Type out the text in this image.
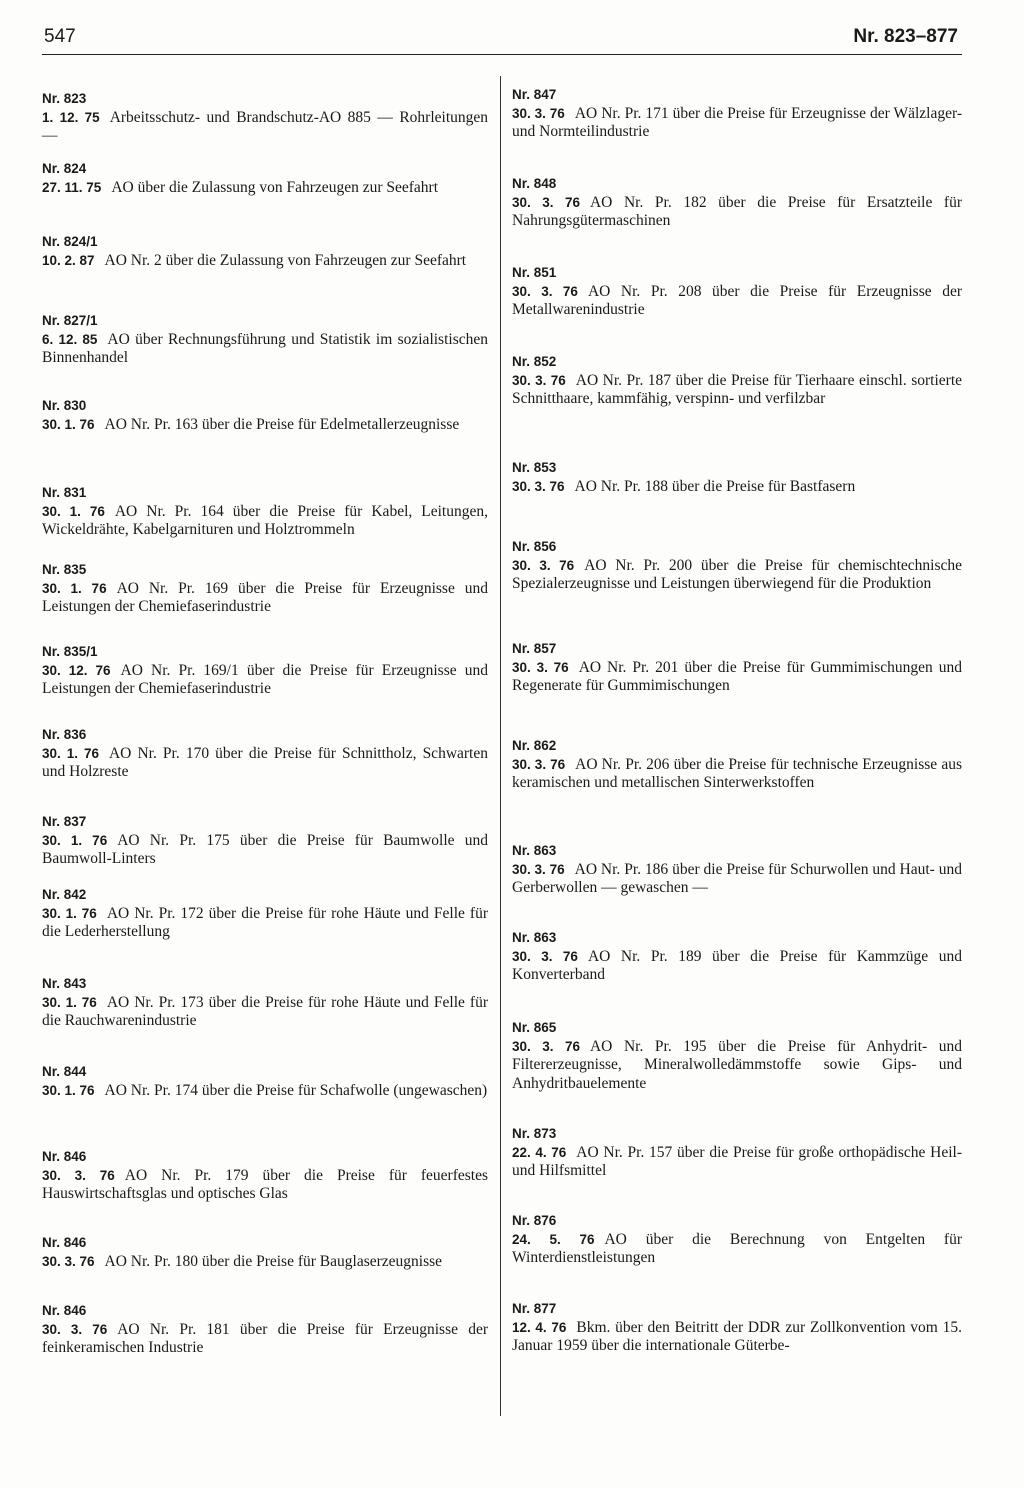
547	Nr. 823–877
Nr. 823
1. 12. 75 Arbeitsschutz- und Brandschutz-AO 885 — Rohrleitungen —
Nr. 824
27. 11. 75 AO über die Zulassung von Fahrzeugen zur Seefahrt
Nr. 824/1
10. 2. 87 AO Nr. 2 über die Zulassung von Fahrzeugen zur Seefahrt
Nr. 827/1
6. 12. 85 AO über Rechnungsführung und Statistik im sozialistischen Binnenhandel
Nr. 830
30. 1. 76 AO Nr. Pr. 163 über die Preise für Edelmetallerzeugnisse
Nr. 831
30. 1. 76 AO Nr. Pr. 164 über die Preise für Kabel, Leitungen, Wickeldrähte, Kabelgarnituren und Holztrommeln
Nr. 835
30. 1. 76 AO Nr. Pr. 169 über die Preise für Erzeugnisse und Leistungen der Chemiefaserindustrie
Nr. 835/1
30. 12. 76 AO Nr. Pr. 169/1 über die Preise für Erzeugnisse und Leistungen der Chemiefaserindustrie
Nr. 836
30. 1. 76 AO Nr. Pr. 170 über die Preise für Schnittholz, Schwarten und Holzreste
Nr. 837
30. 1. 76 AO Nr. Pr. 175 über die Preise für Baumwolle und Baumwoll-Linters
Nr. 842
30. 1. 76 AO Nr. Pr. 172 über die Preise für rohe Häute und Felle für die Lederherstellung
Nr. 843
30. 1. 76 AO Nr. Pr. 173 über die Preise für rohe Häute und Felle für die Rauchwarenindustrie
Nr. 844
30. 1. 76 AO Nr. Pr. 174 über die Preise für Schafwolle (ungewaschen)
Nr. 846
30. 3. 76 AO Nr. Pr. 179 über die Preise für feuerfestes Hauswirtschaftsglas und optisches Glas
Nr. 846
30. 3. 76 AO Nr. Pr. 180 über die Preise für Bauglaserzeugnisse
Nr. 846
30. 3. 76 AO Nr. Pr. 181 über die Preise für Erzeugnisse der feinkeramischen Industrie
Nr. 847
30. 3. 76 AO Nr. Pr. 171 über die Preise für Erzeugnisse der Wälzlager- und Normteilindustrie
Nr. 848
30. 3. 76 AO Nr. Pr. 182 über die Preise für Ersatzteile für Nahrungsgütermaschinen
Nr. 851
30. 3. 76 AO Nr. Pr. 208 über die Preise für Erzeugnisse der Metallwarenindustrie
Nr. 852
30. 3. 76 AO Nr. Pr. 187 über die Preise für Tierhaare einschl. sortierte Schnitthaare, kammfähig, verspinn- und verfilzbar
Nr. 853
30. 3. 76 AO Nr. Pr. 188 über die Preise für Bastfasern
Nr. 856
30. 3. 76 AO Nr. Pr. 200 über die Preise für chemischtechnische Spezialerzeugnisse und Leistungen überwiegend für die Produktion
Nr. 857
30. 3. 76 AO Nr. Pr. 201 über die Preise für Gummimischungen und Regenerate für Gummimischungen
Nr. 862
30. 3. 76 AO Nr. Pr. 206 über die Preise für technische Erzeugnisse aus keramischen und metallischen Sinterwerkstoffen
Nr. 863
30. 3. 76 AO Nr. Pr. 186 über die Preise für Schurwollen und Haut- und Gerberwollen — gewaschen —
Nr. 863
30. 3. 76 AO Nr. Pr. 189 über die Preise für Kammzüge und Konverterband
Nr. 865
30. 3. 76 AO Nr. Pr. 195 über die Preise für Anhydrit- und Filtererzeugnisse, Mineralwolledämmstoffe sowie Gips- und Anhydritbauelemente
Nr. 873
22. 4. 76 AO Nr. Pr. 157 über die Preise für große orthopädische Heil- und Hilfsmittel
Nr. 876
24. 5. 76 AO über die Berechnung von Entgelten für Winterdienstleistungen
Nr. 877
12. 4. 76 Bkm. über den Beitritt der DDR zur Zollkonvention vom 15. Januar 1959 über die internationale Güterbe-
